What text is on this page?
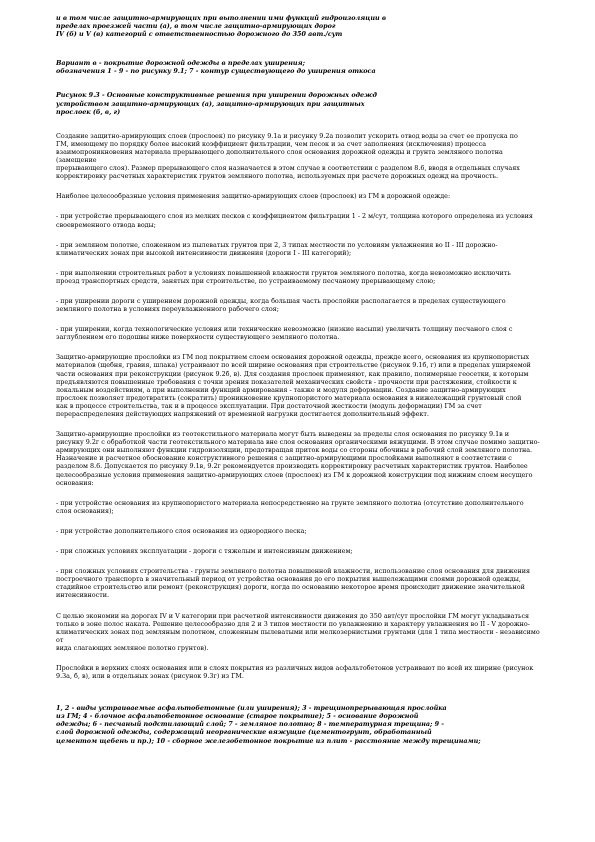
и в том числе защитно-армирующих при выполнении ими функций гидроизоляции в
пределах проезжей части (a), в том числе защитно-армирующих дорог
IV (б) и V (в) категорий с ответственностью дорожного до 350 авт./сут
Вариант в - покрытие дорожной одежды в пределах уширения;
обозначения 1 - 9 - по рисунку 9.1; 7 - контур существующего до уширения откоса
Рисунок 9.3 - Основные конструктивные решения при уширении дорожных одежд
устройством защитно-армирующих (а), защитно-армирующих при защитных
прослоек (б, в, г)
Создание защитно-армирующих слоев (прослоек) по рисунку 9.1а и рисунку 9.2а позволит ускорить отвод воды за счет ее пропуска по
ГМ, имеющему по порядку более высокий коэффициент фильтрации, чем песок и за счет заполнения (исключения) процесса
взаимопроникновения материала прерывающего дополнительного слоя основания дорожной одежды и грунта земляного полотна (замещение
прерывающего слоя). Размер прерывающего слоя назначается в этом случае в соответствии с разделом 8.6, вводя в отдельных случаях
корректировку расчетных характеристик грунтов земляного полотна, используемых при расчете дорожных одежд на прочность.
Наиболее целесообразные условия применения защитно-армирующих слоев (прослоек) из ГМ в дорожной одежде:
- при устройстве прерывающего слоя из мелких песков с коэффициентом фильтрации 1 - 2 м/сут, толщина которого определена из условия
своевременного отвода воды;
- при земляном полотне, сложенном из пылеватых грунтов при 2, 3 типах местности по условиям увлажнения во II - III дорожно-
климатических зонах при высокой интенсивности движения (дороги I - III категорий);
- при выполнении строительных работ в условиях повышенной влажности грунтов земляного полотна, когда невозможно исключить
проезд транспортных средств, занятых при строительстве, по устраиваемому песчаному прерывающему слою;
- при уширении дороги с уширением дорожной одежды, когда большая часть прослойки располагается в пределах существующего
земляного полотна в условиях переувлажненного рабочего слоя;
- при уширении, когда технологические условия или технические невозможно (низкие насыпи) увеличить толщину песчаного слоя с
заглублением его подошвы ниже поверхности существующего земляного полотна.
Защитно-армирующие прослойки из ГМ под покрытием слоем основания дорожной одежды, прежде всего, основания из крупнопористых
материалов (щебня, гравия, шлака) устраивают по всей ширине основания при строительстве (рисунок 9.1б, г) или в пределах уширяемой
части основания при реконструкции (рисунок 9.2б, в). Для создания прослоек применяют, как правило, полимерные геосетки, к которым
предъявляются повышенные требования с точки зрения показателей механических свойств - прочности при растяжении, стойкости к
локальным воздействиям, а при выполнении функций армирования - также и модуля деформации. Создание защитно-армирующих
прослоек позволяет предотвратить (сократить) проникновение крупнопористого материала основания в нижележащий грунтовый слой
как в процессе строительства, так и в процессе эксплуатации. При достаточной жесткости (модуль деформации) ГМ за счет
перераспределения действующих напряжений от временной нагрузки достигается дополнительный эффект.
Защитно-армирующие прослойки из геотекстильного материала могут быть выведены за пределы слоя основания по рисунку 9.1в и
рисунку 9.2г с обработкой части геотекстильного материала вне слоя основания органическими вяжущими. В этом случае помимо защитно-
армирующих они выполняют функции гидроизоляции, предотвращая приток воды со стороны обочины в рабочий слой земляного полотна.
Назначение и расчетное обоснование конструктивного решения с защитно-армирующими прослойками выполняют в соответствии с
разделом 8.6. Допускается по рисунку 9.1в, 9.2г рекомендуется производить корректировку расчетных характеристик грунтов. Наиболее
целесообразные условия применения защитно-армирующих слоев (прослоек) из ГМ к дорожной конструкции под нижним слоем несущего
основания:
- при устройстве основания из крупнопористого материала непосредственно на грунте земляного полотна (отсутствие дополнительного
слоя основания);
- при устройстве дополнительного слоя основания из однородного песка;
- при сложных условиях эксплуатации - дороги с тяжелым и интенсивным движением;
- при сложных условиях строительства - грунты земляного полотна повышенной влажности, использование слоя основания для движения
построечного транспорта в значительный период от устройства основания до его покрытия вышележащими слоями дорожной одежды,
стадийное строительство или ремонт (реконструкция) дороги, когда по основанию некоторое время происходит движение значительной
интенсивности.
С целью экономии на дорогах IV и V категории при расчетной интенсивности движения до 350 авт/сут прослойки ГМ могут укладываться
только в зоне полос наката. Решение целесообразно для 2 и 3 типов местности по увлажнению и характеру увлажнения во II - V дорожно-
климатических зонах под земляным полотном, сложенным пылеватыми или мелкозернистыми грунтами (для 1 типа местности - независимо от
вида слагающих земляное полотно грунтов).
Прослойки в верхних слоях основания или в слоях покрытия из различных видов асфальтобетонов устраивают по всей их ширине (рисунок
9.3а, б, в), или в отдельных зонах (рисунок 9.3г) из ГМ.
1, 2 - виды устраиваемые асфальтобетонные (или уширения); 3 - трещинопрерывающая прослойка
из ГМ; 4 - блочное асфальтобетонное основание (старое покрытие); 5 - основание дорожной
одежды; 6 - песчаный подстилающий слой; 7 - земляное полотно; 8 - температурная трещина; 9 -
слой дорожной одежды, содержащий неорганические вяжущие (цементогрунт, обработанный
цементом щебень и пр.); 10 - сборное железобетонное покрытие из плит - расстояние между трещинами;
